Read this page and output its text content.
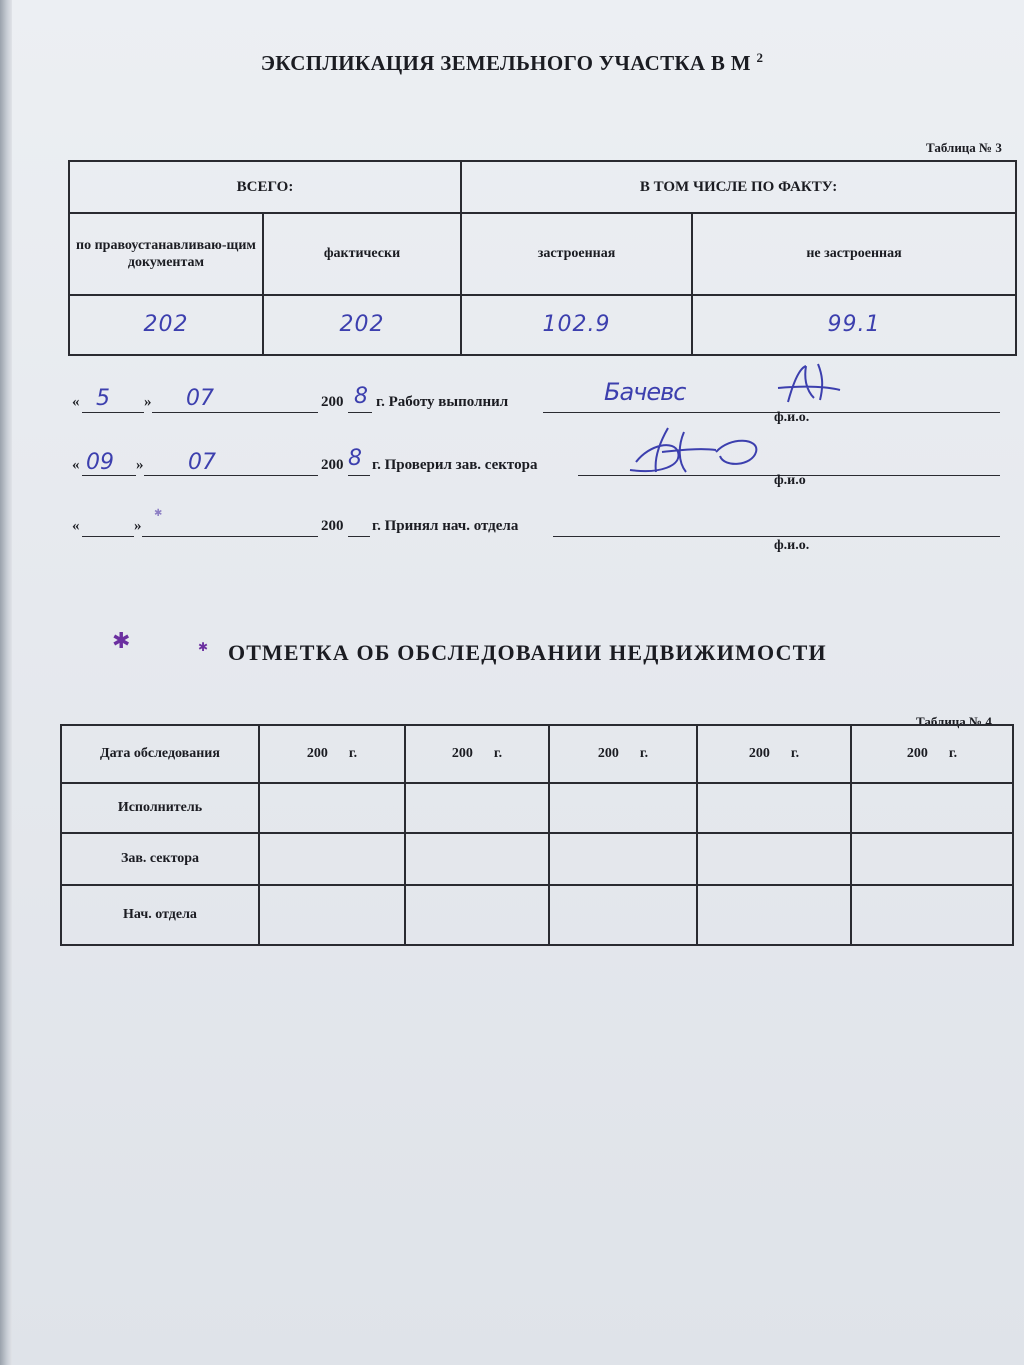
ЭКСПЛИКАЦИЯ ЗЕМЕЛЬНОГО УЧАСТКА В М $^2$
Таблица № 3
ВСЕГО:		В ТОМ ЧИСЛЕ ПО ФАКТУ:	
по правоустанавливаю-щим документам	фактически	застроенная	не застроенная
202	202	102.9	99.1
« 5 » 07	200 8 г. Работу выполнил	Бачевс
ф.и.о.
« 09 » 07	200 8 г. Проверил зав. сектора
ф.и.о
«	»	200 г. Принял нач. отдела
ф.и.о.
✱	✱
✱
ОТМЕТКА ОБ ОБСЛЕДОВАНИИ НЕДВИЖИМОСТИ
Таблица № 4
Дата обследования	200      г.	200      г.	200      г.	200      г.	200      г.
Исполнитель					
Зав. сектора					
Нач. отдела					
